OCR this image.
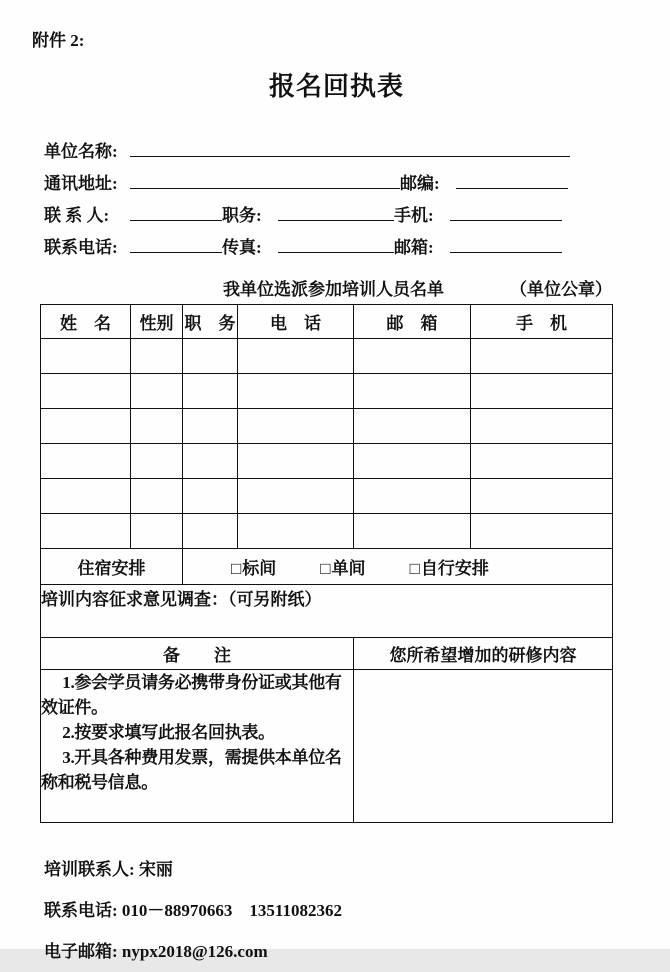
附件 2:
报名回执表
单位名称:
通讯地址:	邮编:
联 系 人:	职务:	手机:
联系电话:	传真:	邮箱:
我单位选派参加培训人员名单	（单位公章）
姓　名	性别	职　务	电　话	邮　箱	手　机

住宿安排		□标间 □单间 □自行安排			

培训内容征求意见调查：（可另附纸）					
备　　注				您所希望增加的研修内容	

1.参会学员请务必携带身份证或其他有效证件。

2.按要求填写此报名回执表。

3.开具各种费用发票，需提供本单位名称和税号信息。					

培训联系人: 宋丽
联系电话: 010－88970663　13511082362
电子邮箱: nypx2018@126.com
